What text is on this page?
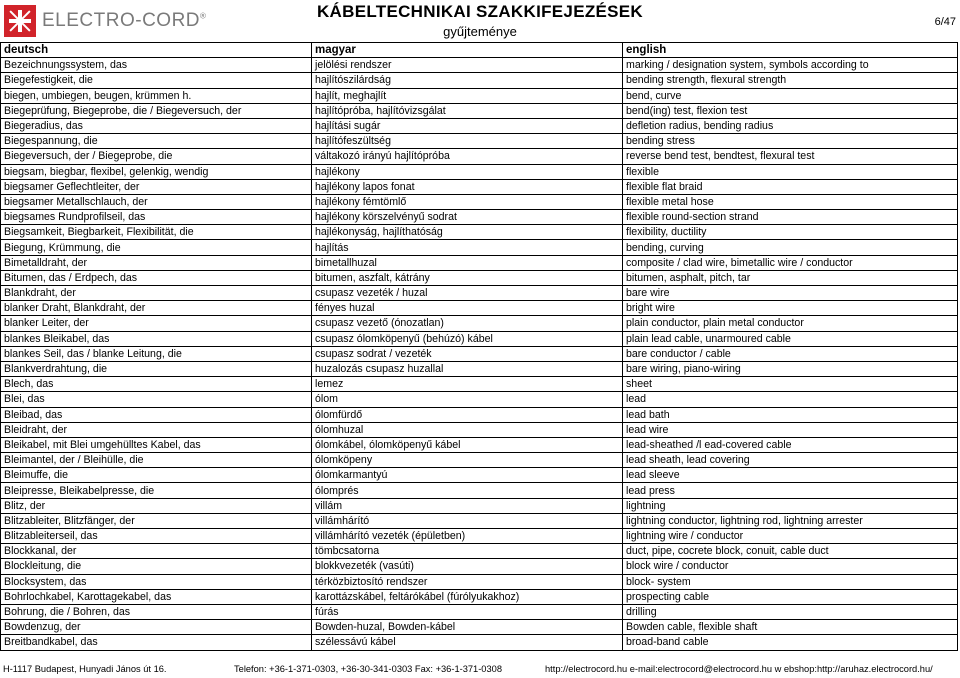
ELECTRO-CORD®	KÁBELTECHNIKAI SZAKKIFEJEZÉSEK
gyűjteménye
6/47
deutsch	magyar	english
Bezeichnungssystem, das	jelölési rendszer	marking / designation system, symbols according to
Biegefestigkeit, die	hajlítószilárdság	bending strength, flexural strength
biegen, umbiegen, beugen, krümmen h.	hajlít, meghajlít	bend, curve
Biegeprüfung, Biegeprobe, die / Biegeversuch, der	hajlítópróba, hajlítóvizsgálat	bend(ing) test, flexion test
Biegeradius, das	hajlítási sugár	defletion radius, bending radius
Biegespannung, die	hajlítófeszültség	bending stress
Biegeversuch, der / Biegeprobe, die	váltakozó irányú hajlítópróba	reverse bend test, bendtest, flexural test
biegsam, biegbar, flexibel, gelenkig, wendig	hajlékony	flexible
biegsamer Geflechtleiter, der	hajlékony lapos fonat	flexible flat braid
biegsamer Metallschlauch, der	hajlékony fémtömlő	flexible metal hose
biegsames Rundprofilseil, das	hajlékony körszelvényű sodrat	flexible round-section strand
Biegsamkeit, Biegbarkeit, Flexibilität, die	hajlékonyság, hajlíthatóság	flexibility, ductility
Biegung, Krümmung, die	hajlítás	bending, curving
Bimetalldraht, der	bimetallhuzal	composite / clad wire, bimetallic wire / conductor
Bitumen, das / Erdpech, das	bitumen, aszfalt, kátrány	bitumen, asphalt, pitch, tar
Blankdraht, der	csupasz vezeték / huzal	bare wire
blanker Draht, Blankdraht, der	fényes huzal	bright wire
blanker Leiter, der	csupasz vezető (ónozatlan)	plain conductor, plain metal conductor
blankes Bleikabel, das	csupasz ólomköpenyű (behúzó) kábel	plain lead cable, unarmoured cable
blankes Seil, das / blanke Leitung, die	csupasz sodrat / vezeték	bare conductor / cable
Blankverdrahtung, die	huzalozás csupasz huzallal	bare wiring, piano-wiring
Blech, das	lemez	sheet
Blei, das	ólom	lead
Bleibad, das	ólomfürdő	lead bath
Bleidraht, der	ólomhuzal	lead wire
Bleikabel, mit Blei umgehülltes Kabel, das	ólomkábel, ólomköpenyű kábel	lead-sheathed /l ead-covered cable
Bleimantel, der / Bleihülle, die	ólomköpeny	lead sheath, lead covering
Bleimuffe, die	ólomkarmantyú	lead sleeve
Bleipresse, Bleikabelpresse, die	ólomprés	lead press
Blitz, der	villám	lightning
Blitzableiter, Blitzfänger, der	villámhárító	lightning conductor, lightning rod, lightning arrester
Blitzableiterseil, das	villámhárító vezeték (épületben)	lightning wire / conductor
Blockkanal, der	tömbcsatorna	duct, pipe, cocrete block, conuit, cable duct
Blockleitung, die	blokkvezeték (vasúti)	block wire / conductor
Blocksystem, das	térközbiztosító rendszer	block- system
Bohrlochkabel, Karottagekabel, das	karottázskábel, feltárókábel (fúrólyukakhoz)	prospecting cable
Bohrung, die / Bohren, das	fúrás	drilling
Bowdenzug, der	Bowden-huzal, Bowden-kábel	Bowden cable, flexible shaft
Breitbandkabel, das	szélessávú kábel	broad-band cable
H-1117 Budapest, Hunyadi János út 16.	Telefon: +36-1-371-0303, +36-30-341-0303 Fax: +36-1-371-0308	http://electrocord.hu e-mail:electrocord@electrocord.hu w ebshop:http://aruhaz.electrocord.hu/
